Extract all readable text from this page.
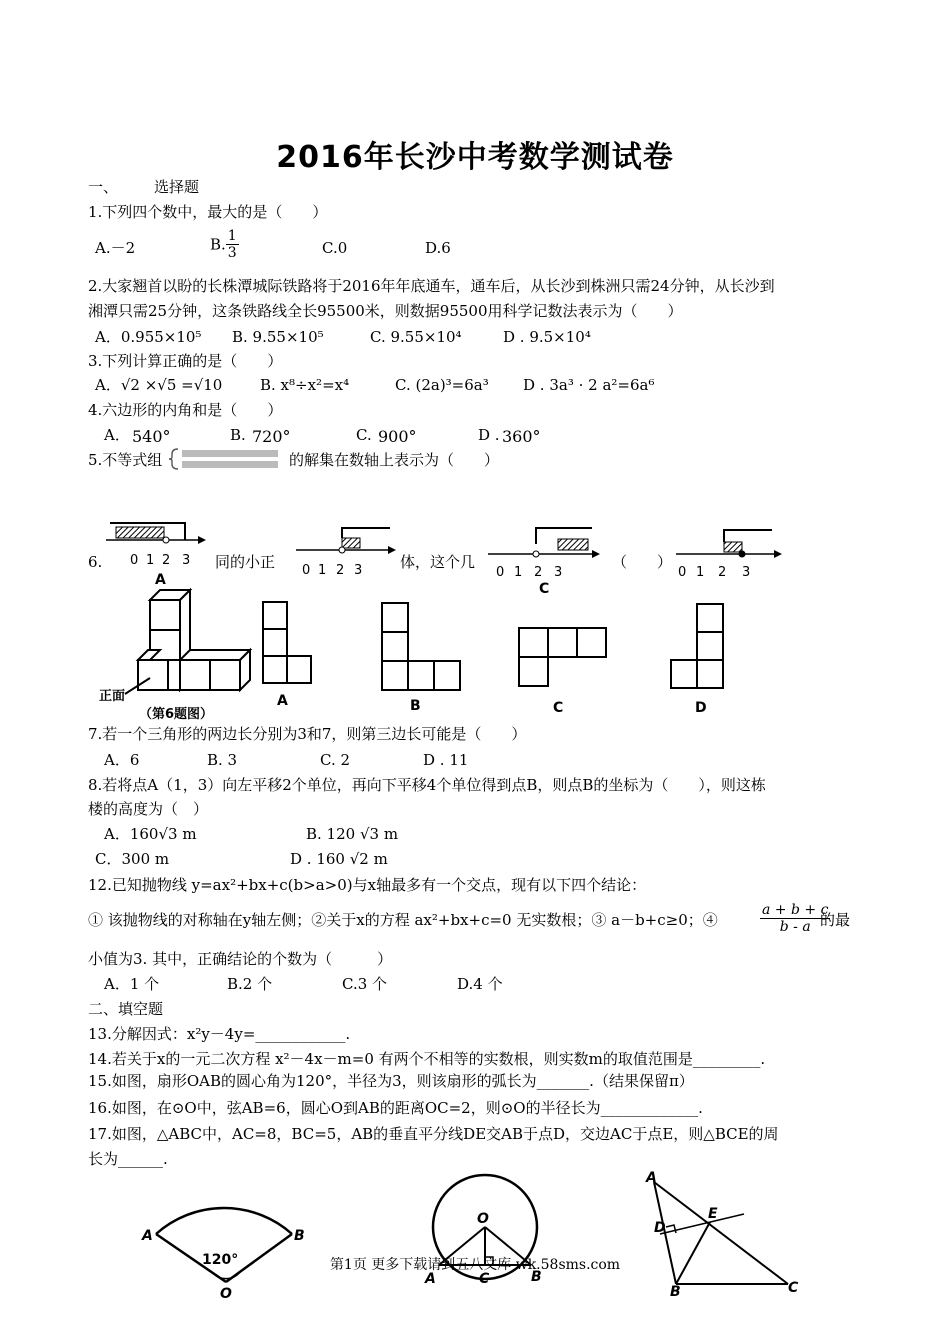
2016年长沙中考数学测试卷
一、 选择题
1.下列四个数中，最大的是（　　）
A.－2	B. $\frac{1}{3}$	C.0	D.6
2.大家翘首以盼的长株潭城际铁路将于2016年年底通车，通车后，从长沙到株洲只需24分钟，从长沙到
湘潭只需25分钟，这条铁路线全长95500米，则数据95500用科学记数法表示为（　　）
A．0.955×10⁵ B. 9.55×10⁵	C. 9.55×10⁴	D . 9.5×10⁴
3.下列计算正确的是（　　）
A．√2 ×√5 =√10	B. x⁸÷x²=x⁴	C. (2a)³=6a³ D . 3a³ · 2 a²=6a⁶
4.六边形的内角和是（　　）
A． 540°	B. 720°	C. 900°	D . 360°
5.不等式组	的解集在数轴上表示为（　　）
0 1 2 3
6.	同的小正 0 1 2 3	体，这个几
0 1 2 3
C
（　　）
0 1 2 3
A
正面
（第6题图）
A	B	C	D
7.若一个三角形的两边长分别为3和7，则第三边长可能是（　　）
A．6	B. 3	C. 2	D . 11
8.若将点A（1，3）向左平移2个单位，再向下平移4个单位得到点B，则点B的坐标为（　　），则这栋
楼的高度为（　）
A．160√3 m	B. 120 √3 m
C．300 m	D . 160 √2 m
12.已知抛物线 y=ax²+bx+c(b>a>0)与x轴最多有一个交点，现有以下四个结论：
① 该抛物线的对称轴在y轴左侧；②关于x的方程 ax²+bx+c=0 无实数根；③ a－b+c≥0；④	$\frac{a + b + c}{b - a}$
的最
小值为3. 其中，正确结论的个数为（　　　）
A．1 个	B.2 个	C.3 个	D.4 个
二、填空题
13.分解因式：x²y－4y=____________.
14.若关于x的一元二次方程 x²－4x－m=0 有两个不相等的实数根，则实数m的取值范围是_________.
15.如图，扇形OAB的圆心角为120°，半径为3，则该扇形的弧长为_______.（结果保留π）
16.如图，在⊙O中，弦AB=6，圆心O到AB的距离OC=2，则⊙O的半径长为_____________.
17.如图，△ABC中，AC=8，BC=5，AB的垂直平分线DE交AB于点D，交边AC于点E，则△BCE的周
长为______.
A	B
120°
O
O
A	B
C
A
D
E
B	C
第1页 更多下载请到五八文库 wk.58sms.com
